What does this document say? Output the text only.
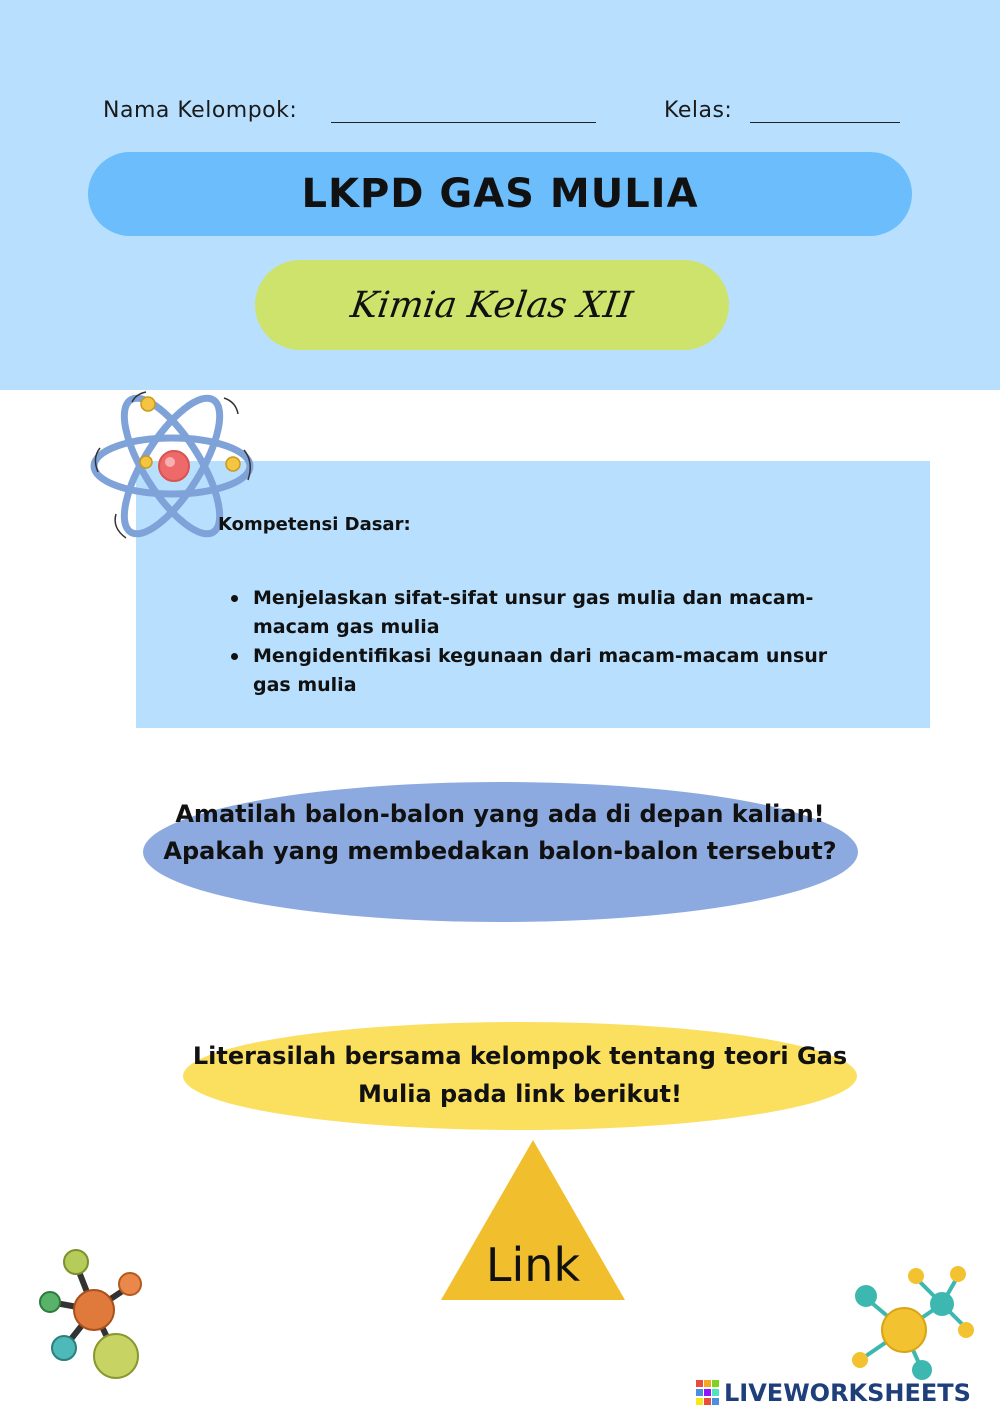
Nama Kelompok:	Kelas:
LKPD GAS MULIA
Kimia Kelas XII
Kompetensi Dasar:
Menjelaskan sifat-sifat unsur gas mulia dan macam-macam gas mulia
Mengidentifikasi kegunaan dari macam-macam unsur gas mulia
Amatilah balon-balon yang ada di depan kalian! Apakah yang membedakan balon-balon tersebut?
Literasilah bersama kelompok tentang teori Gas Mulia pada link berikut!
Link
LIVEWORKSHEETS
